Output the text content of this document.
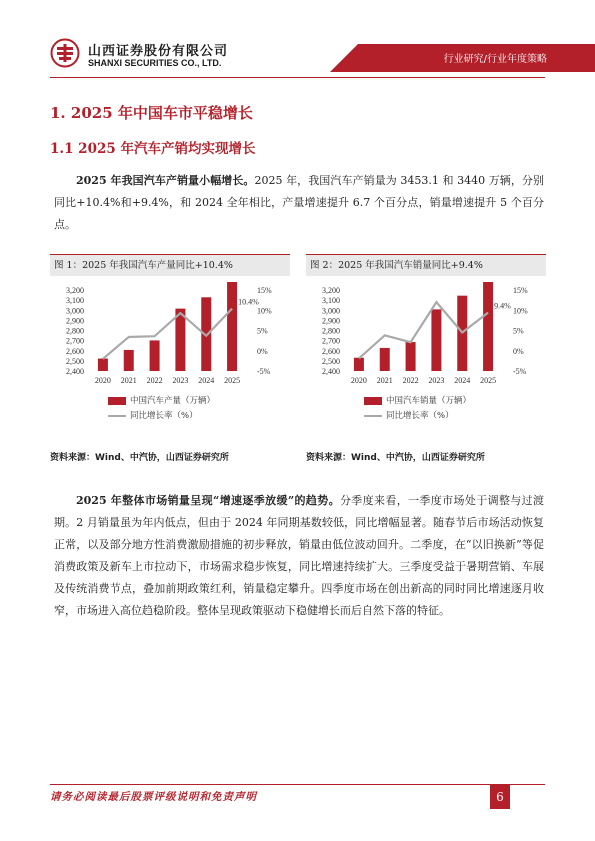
山西证券股份有限公司
SHANXI SECURITIES CO., LTD.	行业研究/行业年度策略
1. 2025 年中国车市平稳增长
1.1 2025 年汽车产销均实现增长
2025 年我国汽车产销量小幅增长。2025 年，我国汽车产销量为 3453.1 和 3440 万辆，分别同比+10.4%和+9.4%，和 2024 全年相比，产量增速提升 6.7 个百分点，销量增速提升 5 个百分点。
图 1：2025 年我国汽车产量同比+10.4%
3,200
3,100
3,000
2,900
2,800
2,700
2,600
2,500
2,400
15%
10%
5%
0%
-5%
2020 2021 2022 2023 2024 2025
10.4%
中国汽车产量（万辆）
同比增长率（%）
资料来源：Wind、中汽协，山西证券研究所
图 2：2025 年我国汽车销量同比+9.4%
3,200
3,100
3,000
2,900
2,800
2,700
2,600
2,500
2,400
15%
10%
5%
0%
-5%
2020 2021 2022 2023 2024 2025
9.4%
中国汽车销量（万辆）
同比增长率（%）
资料来源：Wind、中汽协，山西证券研究所
2025 年整体市场销量呈现“增速逐季放缓”的趋势。分季度来看，一季度市场处于调整与过渡期。2 月销量虽为年内低点，但由于 2024 年同期基数较低，同比增幅显著。随春节后市场活动恢复正常，以及部分地方性消费激励措施的初步释放，销量由低位波动回升。二季度，在“以旧换新”等促消费政策及新车上市拉动下，市场需求稳步恢复，同比增速持续扩大。三季度受益于暑期营销、车展及传统消费节点，叠加前期政策红利，销量稳定攀升。四季度市场在创出新高的同时同比增速逐月收窄，市场进入高位趋稳阶段。整体呈现政策驱动下稳健增长而后自然下落的特征。
请务必阅读最后股票评级说明和免责声明	6
